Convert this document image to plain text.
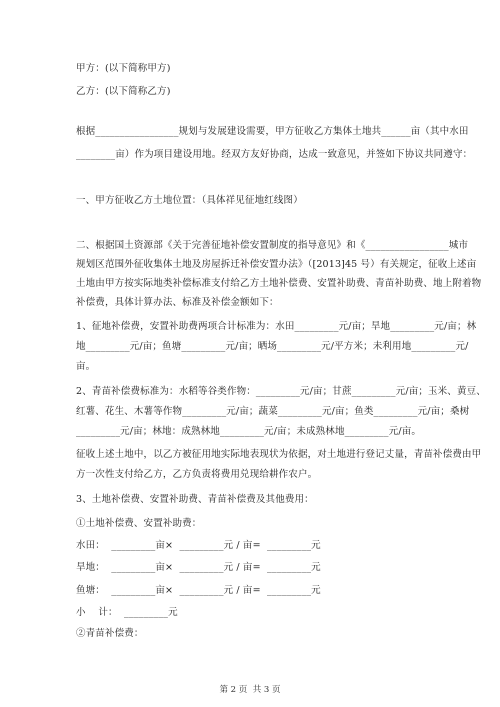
甲方：(以下简称甲方)
乙方：(以下简称乙方)
根据_________________规划与发展建设需要，甲方征收乙方集体土地共______亩（其中水田
________亩）作为项目建设用地。经双方友好协商，达成一致意见，并签如下协议共同遵守：
一、甲方征收乙方土地位置：（具体祥见征地红线图）
二、根据国土资源部《关于完善征地补偿安置制度的指导意见》和《_________________城市
规划区范围外征收集体土地及房屋拆迁补偿安置办法》（[2013]45 号）有关规定，征收上述亩
土地由甲方按实际地类补偿标准支付给乙方土地补偿费、安置补助费、青苗补助费、地上附着物
补偿费，具体计算办法、标准及补偿金额如下：
1、征地补偿费，安置补助费两项合计标准为：水田_________元/亩；旱地_________元/亩；林
地_________元/亩；鱼塘_________元/亩；晒场_________元/平方米；未利用地_________元/
亩。
2、青苗补偿费标准为：水稻等谷类作物：_________元/亩；甘蔗_________元/亩；玉米、黄豆、
红薯、花生、木薯等作物_________元/亩；蔬菜_________元/亩；鱼类_________元/亩；桑树
_________元/亩；林地：成熟林地_________元/亩；未成熟林地_________元/亩。
征收上述土地中，以乙方被征用地实际地表现状为依据，对土地进行登记丈量，青苗补偿费由甲
方一次性支付给乙方，乙方负责将费用兑现给耕作农户。
3、土地补偿费、安置补助费、青苗补偿费及其他费用：
①土地补偿费、安置补助费：
水田：  _________亩×  _________元 / 亩=  _________元
旱地：  _________亩×  _________元 / 亩=  _________元
鱼塘：  _________亩×  _________元 / 亩=  _________元
小    计：  _________元
②青苗补偿费：
第 2 页  共 3 页
